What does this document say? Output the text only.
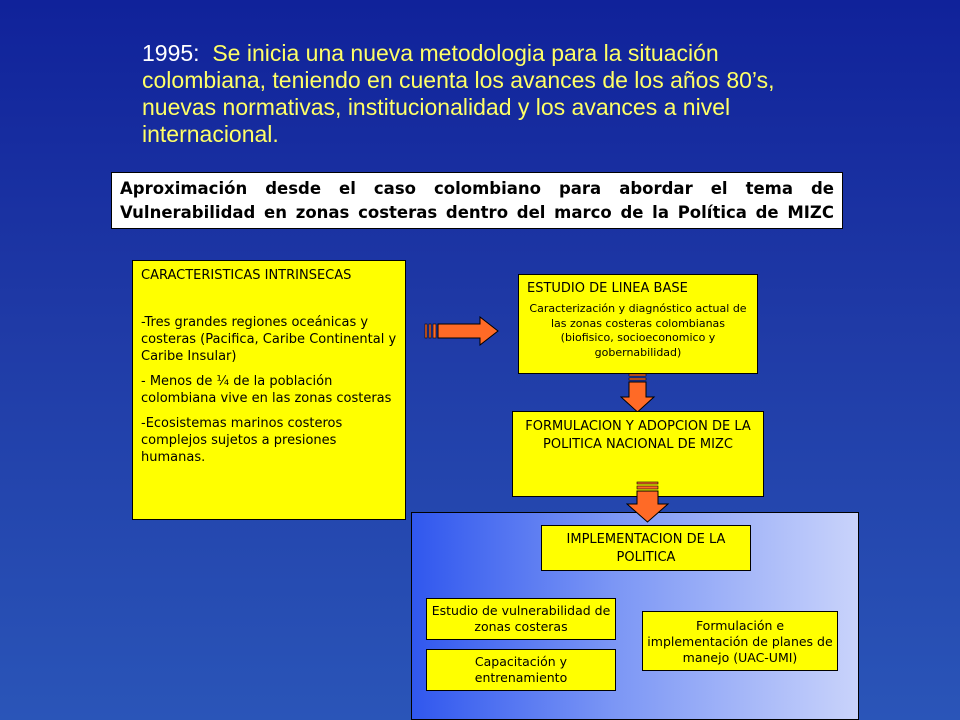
1995: Se inicia una nueva metodologia para la situación colombiana, teniendo en cuenta los avances de los años 80’s, nuevas normativas, institucionalidad y los avances a nivel internacional.
Aproximación desde el caso colombiano para abordar el tema de
Vulnerabilidad en zonas costeras dentro del marco de la Política de MIZC

CARACTERISTICAS INTRINSECAS

-Tres grandes regiones oceánicas y costeras (Pacifica, Caribe Continental y Caribe Insular)

- Menos de ¼ de la población colombiana vive en las zonas costeras

-Ecosistemas marinos costeros complejos sujetos a presiones humanas.

ESTUDIO DE LINEA BASE
Caracterización y diagnóstico actual de las zonas costeras colombianas (biofisico, socioeconomico y gobernabilidad)
FORMULACION Y ADOPCION DE LA POLITICA NACIONAL DE MIZC
IMPLEMENTACION DE LA POLITICA
Estudio de vulnerabilidad de zonas costeras
Capacitación y entrenamiento
Formulación e implementación de planes de manejo (UAC-UMI)
